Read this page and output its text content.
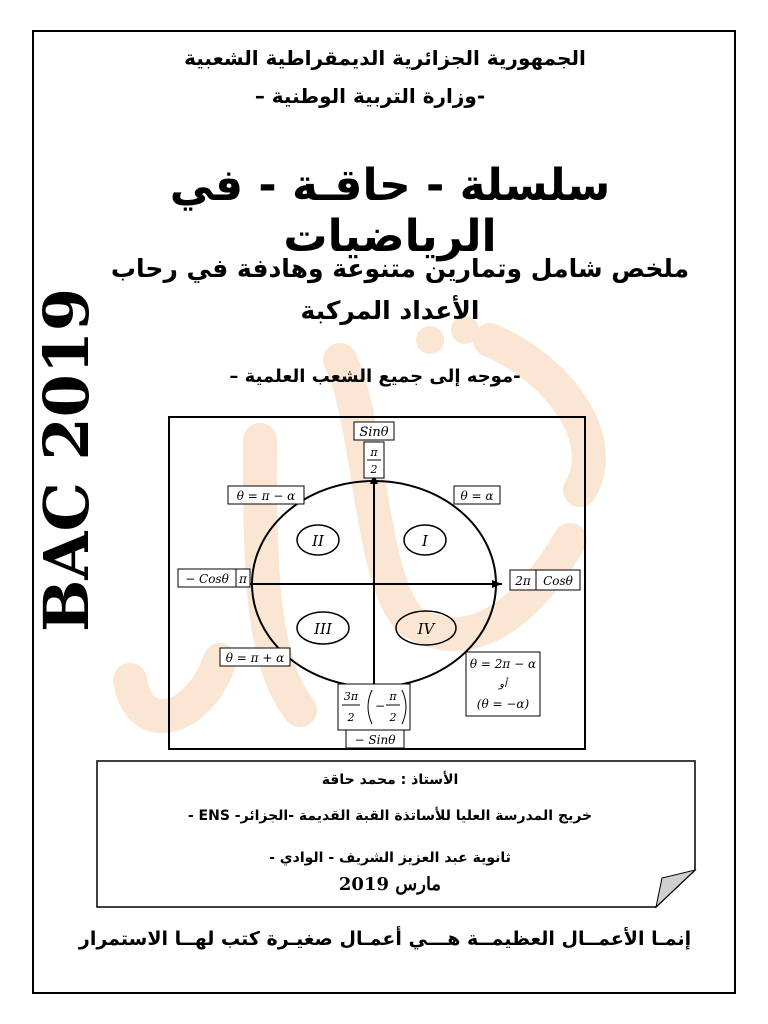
الجمهورية الجزائرية الديمقراطية الشعبية
-وزارة التربية الوطنية –
سلسلة - حاقـة - في الرياضيات
ملخص شامل وتمارين متنوعة وهادفة في رحاب
الأعداد المركبة
-موجه إلى جميع الشعب العلمية –
BAC 2019	Sinθ
π
2
θ = π − α	θ = α
− Cosθ π	2π Cosθ
II	I
III	IV
θ = π + α	θ = 2π − α
أو
(θ = −α)
3π
2
−
π
2
− Sinθ
الأستاذ : محمد حاقة
خريج المدرسة العليا للأساتذة القبة القديمة -الجزائر- ENS -
ثانوية عبد العزيز الشريف - الوادي -
مارس 2019
إنمـا الأعمــال العظيمــة هـــي أعمـال صغيـرة كتب لهــا الاستمرار
